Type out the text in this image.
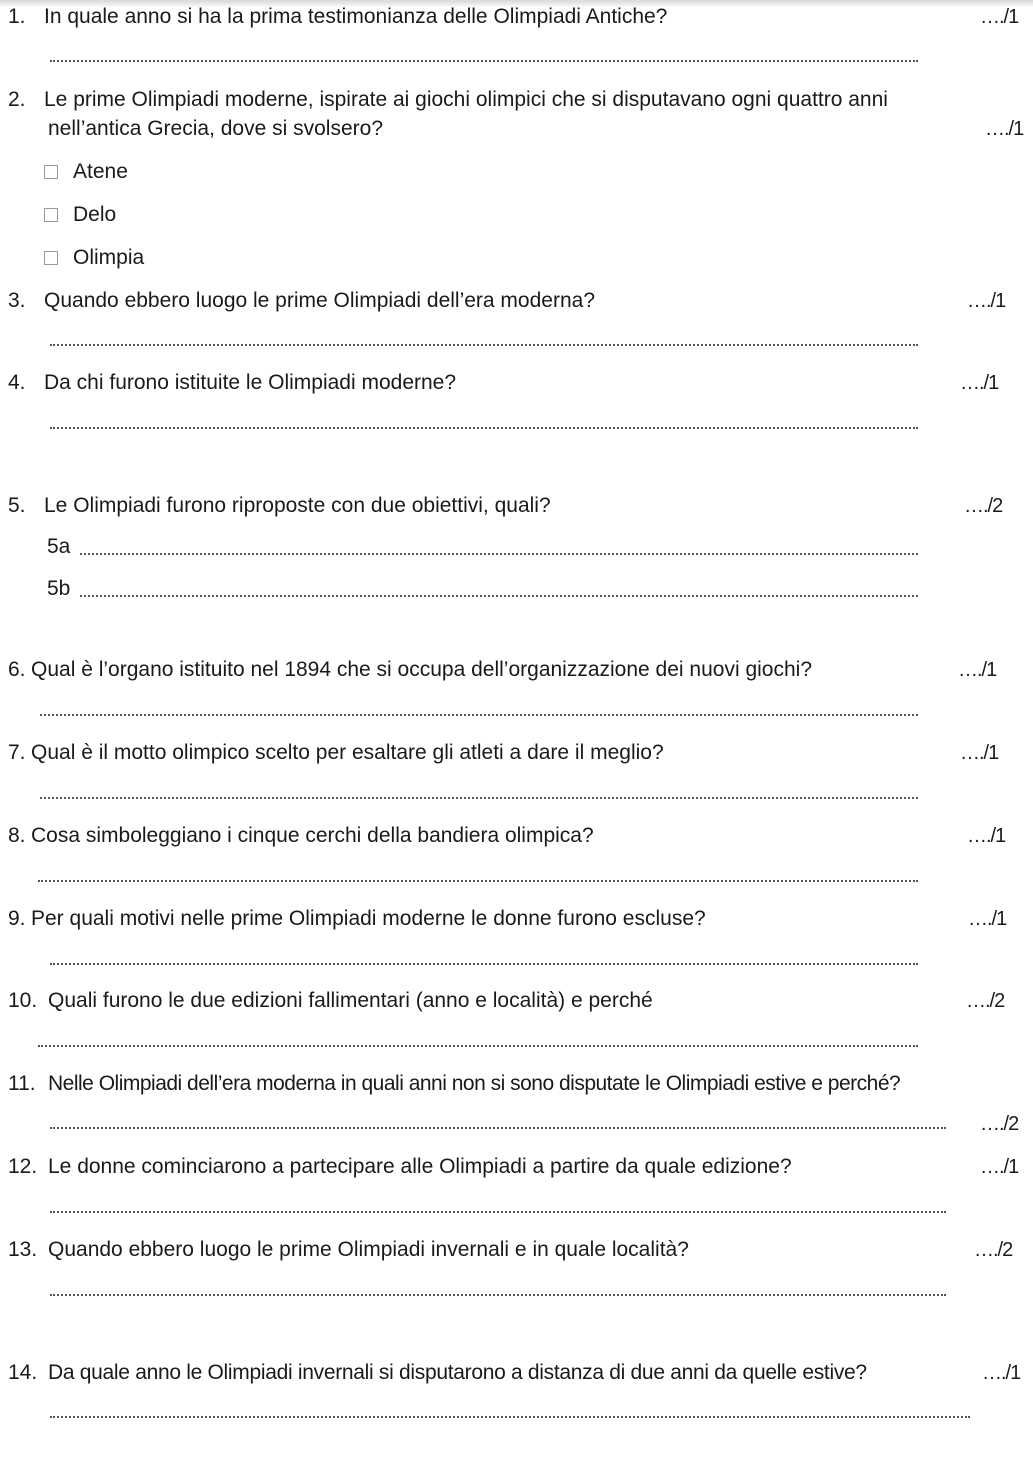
1. In quale anno si ha la prima testimonianza delle Olimpiadi Antiche?	…./1
2. Le prime Olimpiadi moderne, ispirate ai giochi olimpici che si disputavano ogni quattro anni
nell’antica Grecia, dove si svolsero?	…./1
Atene
Delo
Olimpia
3. Quando ebbero luogo le prime Olimpiadi dell’era moderna?	…./1
4. Da chi furono istituite le Olimpiadi moderne?	…./1
5. Le Olimpiadi furono riproposte con due obiettivi, quali?	…./2
5a
5b
6. Qual è l’organo istituito nel 1894 che si occupa dell’organizzazione dei nuovi giochi?	…./1
7. Qual è il motto olimpico scelto per esaltare gli atleti a dare il meglio?	…./1
8. Cosa simboleggiano i cinque cerchi della bandiera olimpica?	…./1
9. Per quali motivi nelle prime Olimpiadi moderne le donne furono escluse?	…./1
10. Quali furono le due edizioni fallimentari (anno e località) e perché	…./2
11. Nelle Olimpiadi dell’era moderna in quali anni non si sono disputate le Olimpiadi estive e perché?
…./2
12. Le donne cominciarono a partecipare alle Olimpiadi a partire da quale edizione?	…./1
13. Quando ebbero luogo le prime Olimpiadi invernali e in quale località?	…./2
14. Da quale anno le Olimpiadi invernali si disputarono a distanza di due anni da quelle estive?	…./1
